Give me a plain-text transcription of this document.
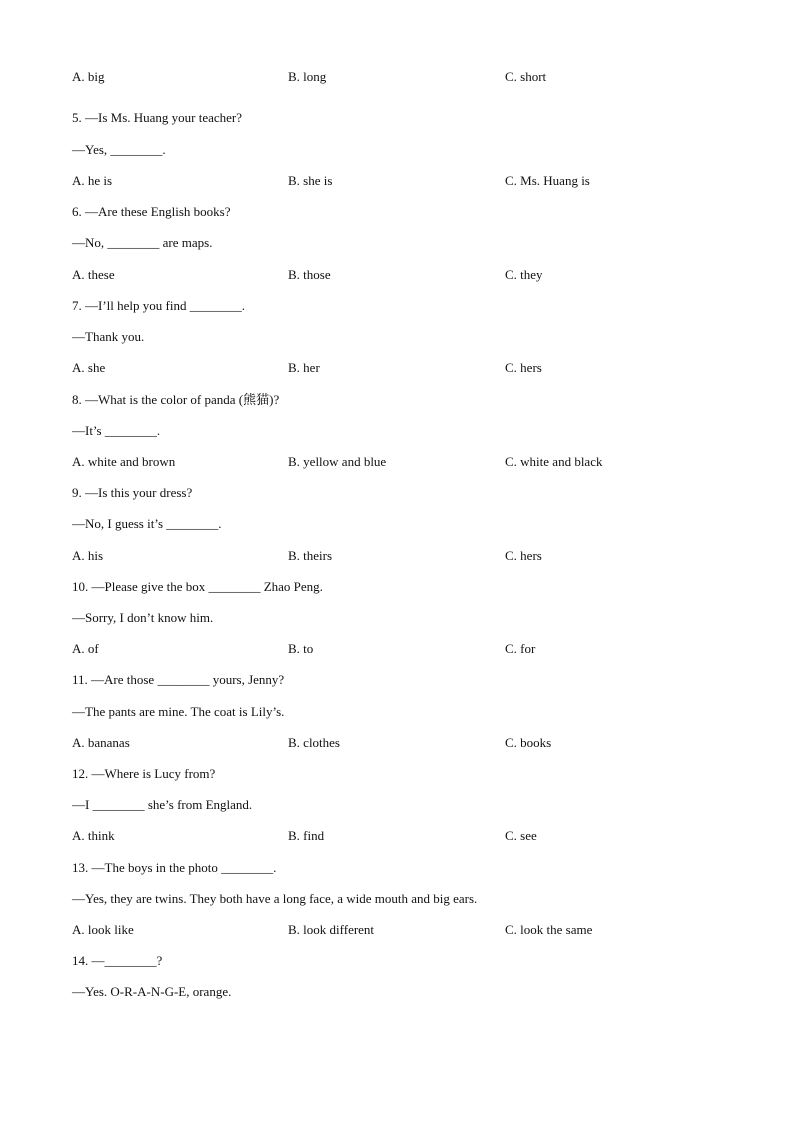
A. big	B. long	C. short
5. —Is Ms. Huang your teacher?
—Yes, ________.
A. he is	B. she is	C. Ms. Huang is
6. —Are these English books?
—No, ________ are maps.
A. these	B. those	C. they
7. —I’ll help you find ________.
—Thank you.
A. she	B. her	C. hers
8. —What is the color of panda (熊猫)?
—It’s ________.
A. white and brown	B. yellow and blue	C. white and black
9. —Is this your dress?
—No, I guess it’s ________.
A. his	B. theirs	C. hers
10. —Please give the box ________ Zhao Peng.
—Sorry, I don’t know him.
A. of	B. to	C. for
11. —Are those ________ yours, Jenny?
—The pants are mine. The coat is Lily’s.
A. bananas	B. clothes	C. books
12. —Where is Lucy from?
—I ________ she’s from England.
A. think	B. find	C. see
13. —The boys in the photo ________.
—Yes, they are twins. They both have a long face, a wide mouth and big ears.
A. look like	B. look different	C. look the same
14. —________?
—Yes. O-R-A-N-G-E, orange.
